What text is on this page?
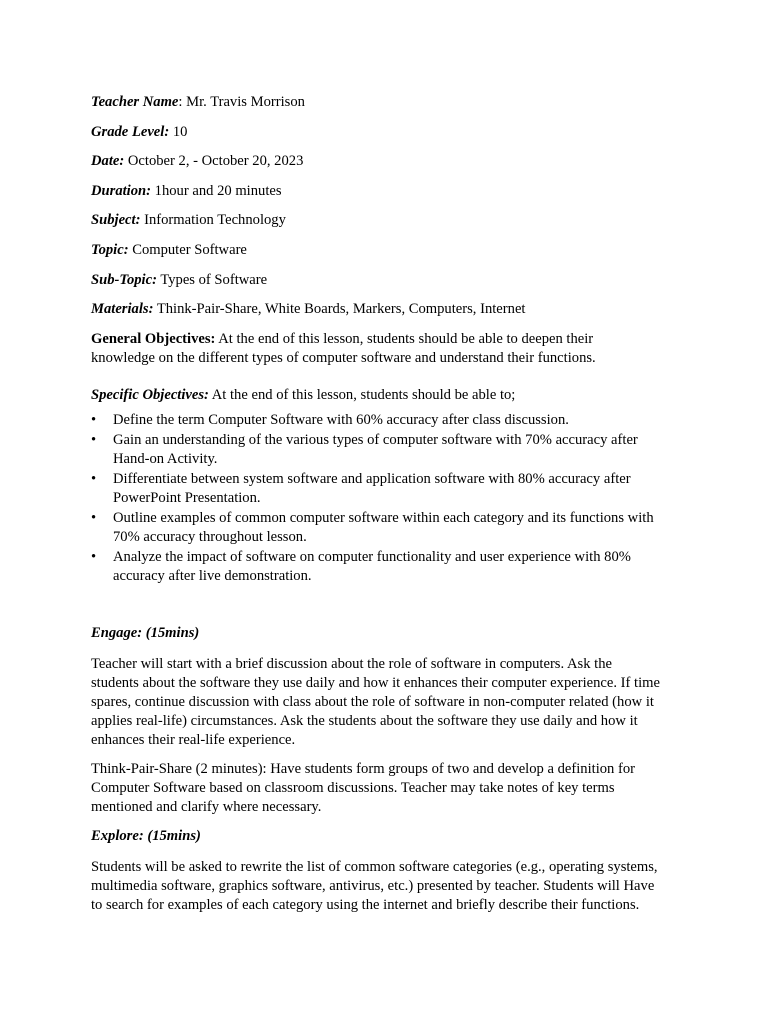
Teacher Name: Mr. Travis Morrison
Grade Level: 10
Date: October 2, - October 20, 2023
Duration: 1hour and 20 minutes
Subject: Information Technology
Topic: Computer Software
Sub-Topic: Types of Software
Materials: Think-Pair-Share, White Boards, Markers, Computers, Internet
General Objectives: At the end of this lesson, students should be able to deepen their
knowledge on the different types of computer software and understand their functions.
Specific Objectives: At the end of this lesson, students should be able to;
• Define the term Computer Software with 60% accuracy after class discussion.
• Gain an understanding of the various types of computer software with 70% accuracy after
Hand-on Activity.
• Differentiate between system software and application software with 80% accuracy after
PowerPoint Presentation.
• Outline examples of common computer software within each category and its functions with
70% accuracy throughout lesson.
• Analyze the impact of software on computer functionality and user experience with 80%
accuracy after live demonstration.
Engage: (15mins)
Teacher will start with a brief discussion about the role of software in computers. Ask the
students about the software they use daily and how it enhances their computer experience. If time
spares, continue discussion with class about the role of software in non-computer related (how it
applies real-life) circumstances. Ask the students about the software they use daily and how it
enhances their real-life experience.
Think-Pair-Share (2 minutes): Have students form groups of two and develop a definition for
Computer Software based on classroom discussions. Teacher may take notes of key terms
mentioned and clarify where necessary.
Explore: (15mins)
Students will be asked to rewrite the list of common software categories (e.g., operating systems,
multimedia software, graphics software, antivirus, etc.) presented by teacher. Students will Have
to search for examples of each category using the internet and briefly describe their functions.
